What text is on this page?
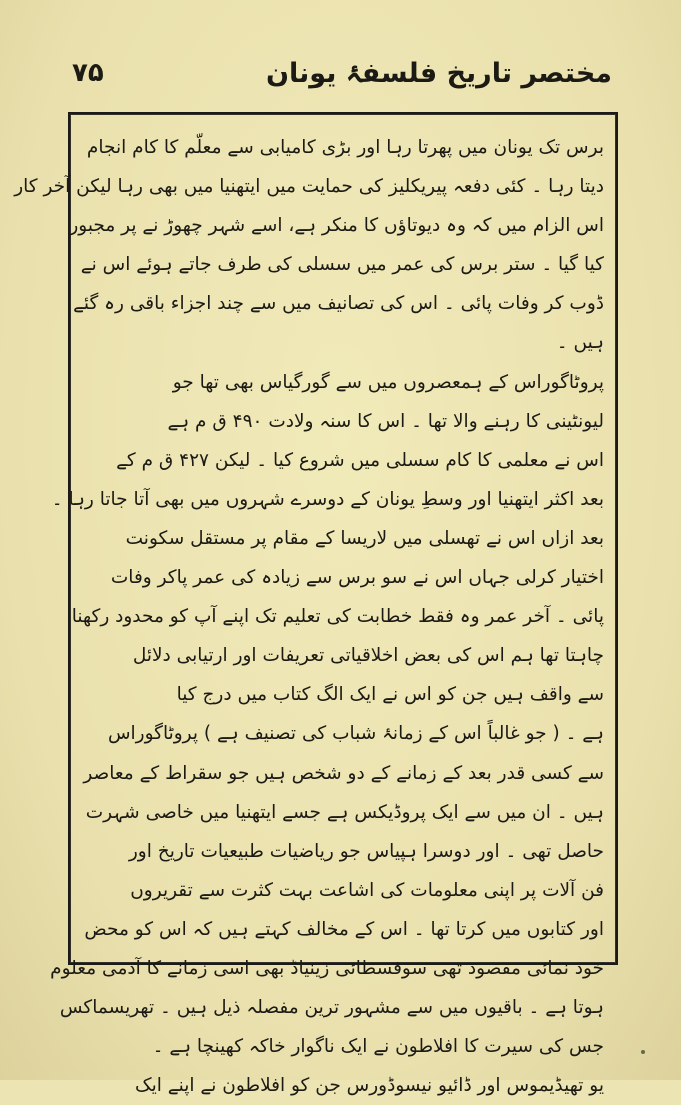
مختصر تاریخ فلسفۂ یونان
۷۵
برس تک یونان میں پھرتا رہا اور بڑی کامیابی سے معلّم کا کام انجام
دیتا رہا ۔ کئی دفعہ پیریکلیز کی حمایت میں ایتھنیا میں بھی رہا لیکن آخر کار
اس الزام میں کہ وہ دیوتاؤں کا منکر ہے، اسے شہر چھوڑ نے پر مجبور
کیا گیا ۔ ستر برس کی عمر میں سسلی کی طرف جاتے ہوئے اس نے
ڈوب کر وفات پائی ۔ اس کی تصانیف میں سے چند اجزاء باقی رہ گئے
ہیں ۔
پروٹاگوراس کے ہمعصروں میں سے گورگیاس بھی تھا جو
لیونٹینی کا رہنے والا تھا ۔ اس کا سنہ ولادت ۴۹۰ ق م ہے
اس نے معلمی کا کام سسلی میں شروع کیا ۔ لیکن ۴۲۷ ق م کے
بعد اکثر ایتھنیا اور وسطِ یونان کے دوسرے شہروں میں بھی آتا جاتا رہا ۔
بعد ازاں اس نے تھسلی میں لاریسا کے مقام پر مستقل سکونت
اختیار کرلی جہاں اس نے سو برس سے زیادہ کی عمر پاکر وفات
پائی ۔ آخر عمر وہ فقط خطابت کی تعلیم تک اپنے آپ کو محدود رکھنا
چاہتا تھا ہم اس کی بعض اخلاقیاتی تعریفات اور ارتیابی دلائل
سے واقف ہیں جن کو اس نے ایک الگ کتاب میں درج کیا
ہے ۔ ( جو غالباً اس کے زمانۂ شباب کی تصنیف ہے ) پروٹاگوراس
سے کسی قدر بعد کے زمانے کے دو شخص ہیں جو سقراط کے معاصر
ہیں ۔ ان میں سے ایک پروڈیکس ہے جسے ایتھنیا میں خاصی شہرت
حاصل تھی ۔ اور دوسرا ہپیاس جو ریاضیات طبیعیات تاریخ اور
فن آلات پر اپنی معلومات کی اشاعت بہت کثرت سے تقریروں
اور کتابوں میں کرتا تھا ۔ اس کے مخالف کہتے ہیں کہ اس کو محض
خود نمائی مقصود تھی سوفسطائی زینیاڈ بھی اسی زمانے کا آدمی معلوم
ہوتا ہے ۔ باقیوں میں سے مشہور ترین مفصلہ ذیل ہیں ۔ تھریسماکس
جس کی سیرت کا افلاطون نے ایک ناگوار خاکہ کھینچا ہے ۔
یو تھیڈیموس اور ڈائیو نیسوڈورس جن کو افلاطون نے اپنے ایک
